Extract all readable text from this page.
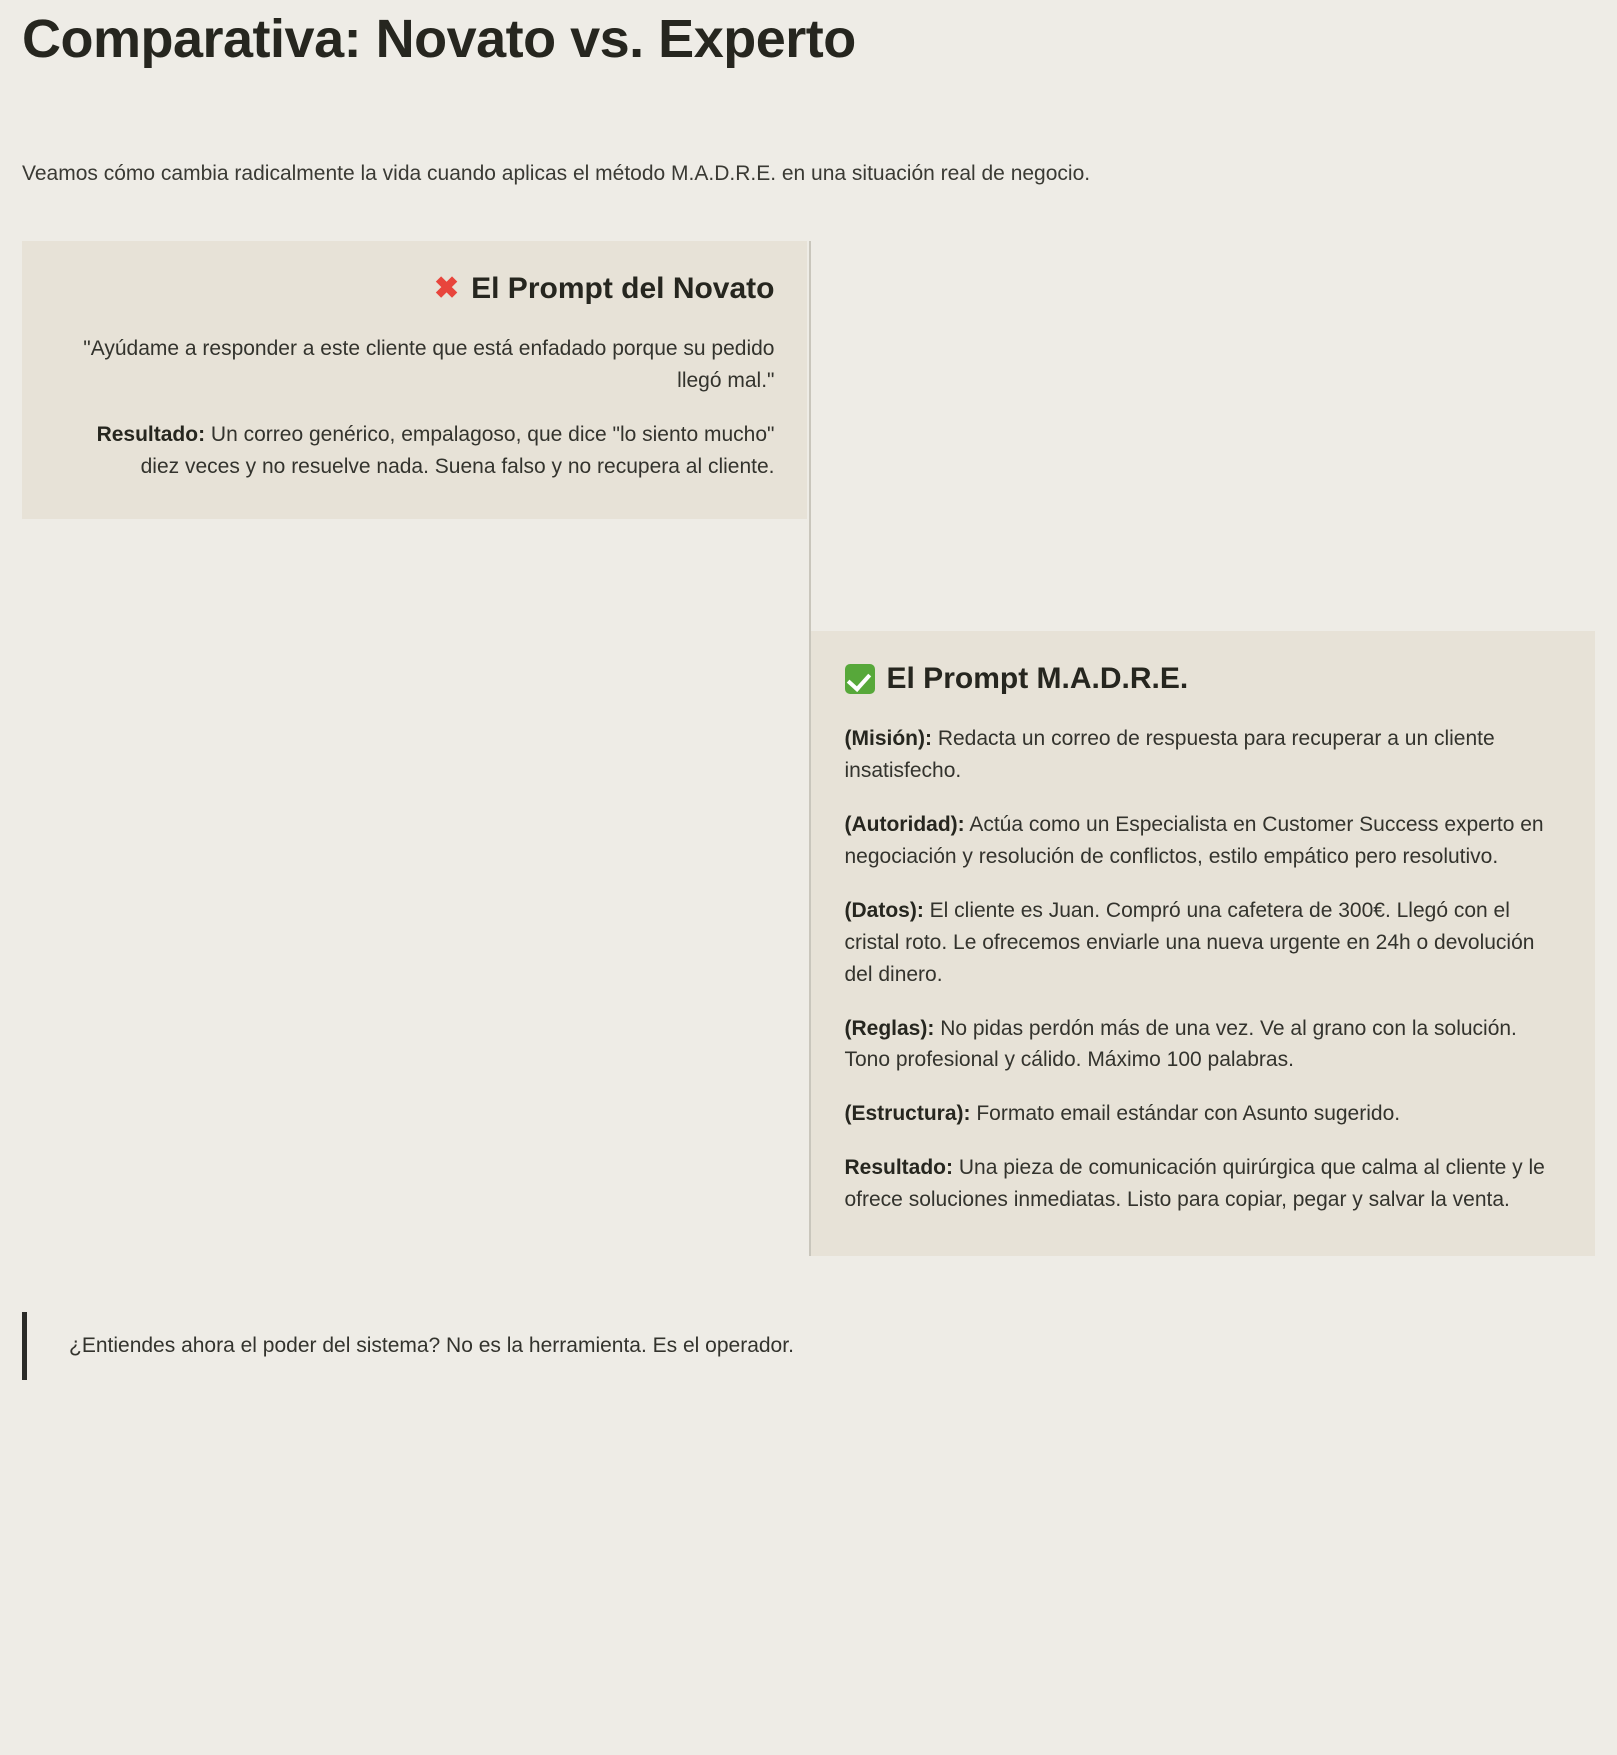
Comparativa: Novato vs. Experto

Veamos cómo cambia radicalmente la vida cuando aplicas el método M.A.D.R.E. en una situación real de negocio.

✖ El Prompt del Novato

"Ayúdame a responder a este cliente que está enfadado porque su pedido llegó mal."

Resultado: Un correo genérico, empalagoso, que dice "lo siento mucho" diez veces y no resuelve nada. Suena falso y no recupera al cliente.

El Prompt M.A.D.R.E.

(Misión): Redacta un correo de respuesta para recuperar a un cliente insatisfecho.

(Autoridad): Actúa como un Especialista en Customer Success experto en negociación y resolución de conflictos, estilo empático pero resolutivo.

(Datos): El cliente es Juan. Compró una cafetera de 300€. Llegó con el cristal roto. Le ofrecemos enviarle una nueva urgente en 24h o devolución del dinero.

(Reglas): No pidas perdón más de una vez. Ve al grano con la solución. Tono profesional y cálido. Máximo 100 palabras.

(Estructura): Formato email estándar con Asunto sugerido.

Resultado: Una pieza de comunicación quirúrgica que calma al cliente y le ofrece soluciones inmediatas. Listo para copiar, pegar y salvar la venta.

¿Entiendes ahora el poder del sistema? No es la herramienta. Es el operador.
